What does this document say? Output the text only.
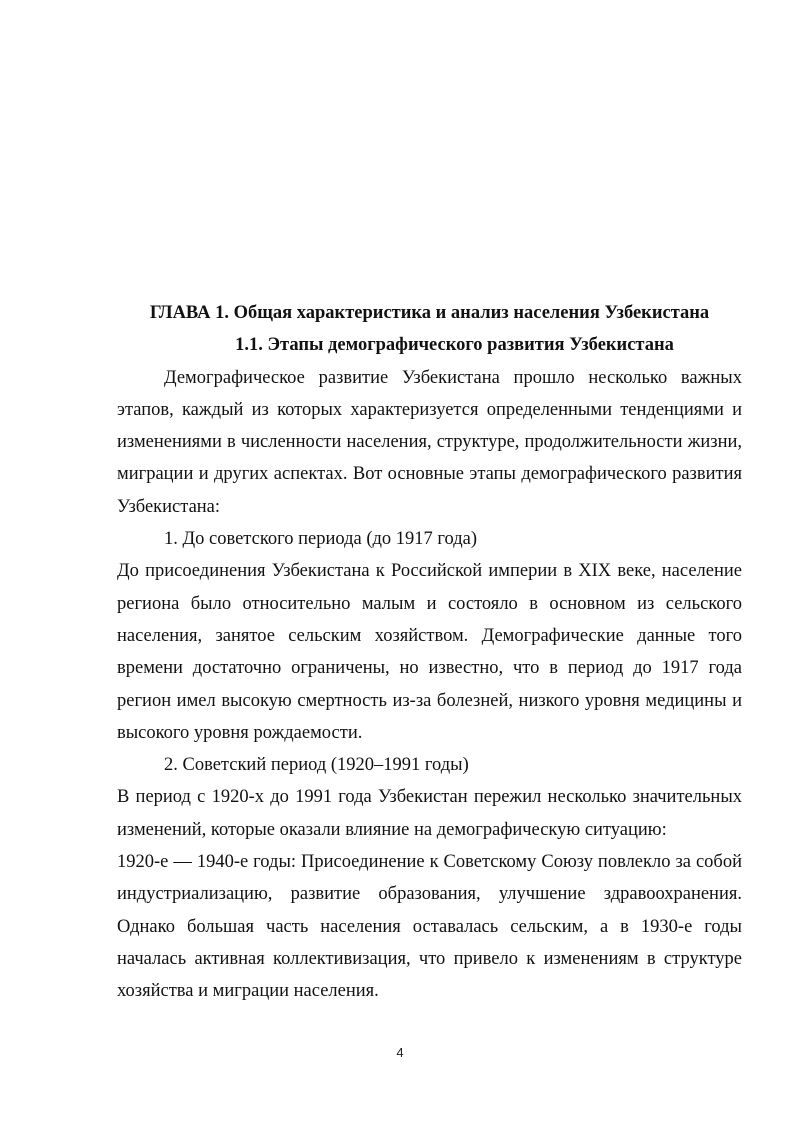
ГЛАВА 1. Общая характеристика и анализ населения Узбекистана
1.1. Этапы демографического развития Узбекистана

Демографическое развитие Узбекистана прошло несколько важных этапов, каждый из которых характеризуется определенными тенденциями и изменениями в численности населения, структуре, продолжительности жизни, миграции и других аспектах. Вот основные этапы демографического развития Узбекистана:

1. До советского периода (до 1917 года)

До присоединения Узбекистана к Российской империи в XIX веке, население региона было относительно малым и состояло в основном из сельского населения, занятое сельским хозяйством. Демографические данные того времени достаточно ограничены, но известно, что в период до 1917 года регион имел высокую смертность из-за болезней, низкого уровня медицины и высокого уровня рождаемости.

2. Советский период (1920–1991 годы)

В период с 1920-х до 1991 года Узбекистан пережил несколько значительных изменений, которые оказали влияние на демографическую ситуацию:

1920-е — 1940-е годы: Присоединение к Советскому Союзу повлекло за собой индустриализацию, развитие образования, улучшение здравоохранения. Однако большая часть населения оставалась сельским, а в 1930-е годы началась активная коллективизация, что привело к изменениям в структуре хозяйства и миграции населения.

4
